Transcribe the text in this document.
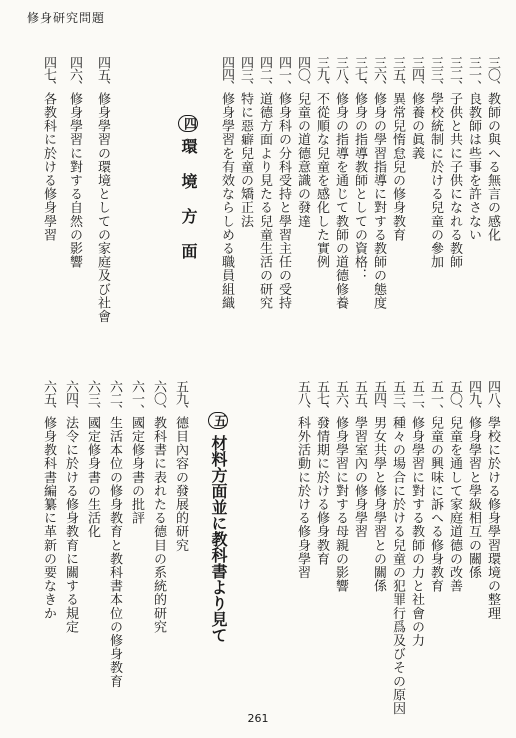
修身研究問題
三〇、教師の與へる無言の感化
三一、良教師は些事を許さない
三二、子供と共に子供になれる教師
三三、學校統制に於ける兒童の參加
三四、修養の眞義
三五、異常兒惰怠兒の修身教育
三六、修身の學習指導に對する教師の態度
三七、修身の指導教師としての資格：
三八、修身の指導を通じて教師の道德修養
三九、不從順な兒童を感化した實例
四〇、兒童の道德意識の發達
四一、修身科の分科受持と學習主任の受持
四二、道德方面より見たる兒童生活の研究
四三、特に惡癖兒童の矯正法
四四、修身學習を有效ならしめる職員組織
四環 境 方 面
四五、修身學習の環境としての家庭及び社會
四六、修身學習に對する自然の影響
四七、各教科に於ける修身學習
四八、學校に於ける修身學習環境の整理
四九、修身學習と學級相互の關係
五〇、兒童を通して家庭道德の改善
五一、兒童の興味に訴へる修身教育
五二、修身學習に對する教師の力と社會の力
五三、種々の場合に於ける兒童の犯罪行爲及びその原因
五四、男女共學と修身學習との關係
五五、學習室內の修身學習
五六、修身學習に對する母親の影響
五七、發情期に於ける修身教育
五八、科外活動に於ける修身學習
五材料方面並に教科書より見て
五九、德目內容の發展的研究
六〇、教科書に表れたる德目の系統的研究
六一、國定修身書の批評
六二、生活本位の修身教育と教科書本位の修身教育
六三、國定修身書の生活化
六四、法令に於ける修身教育に關する規定
六五、修身教科書編纂に革新の要なきか
261
